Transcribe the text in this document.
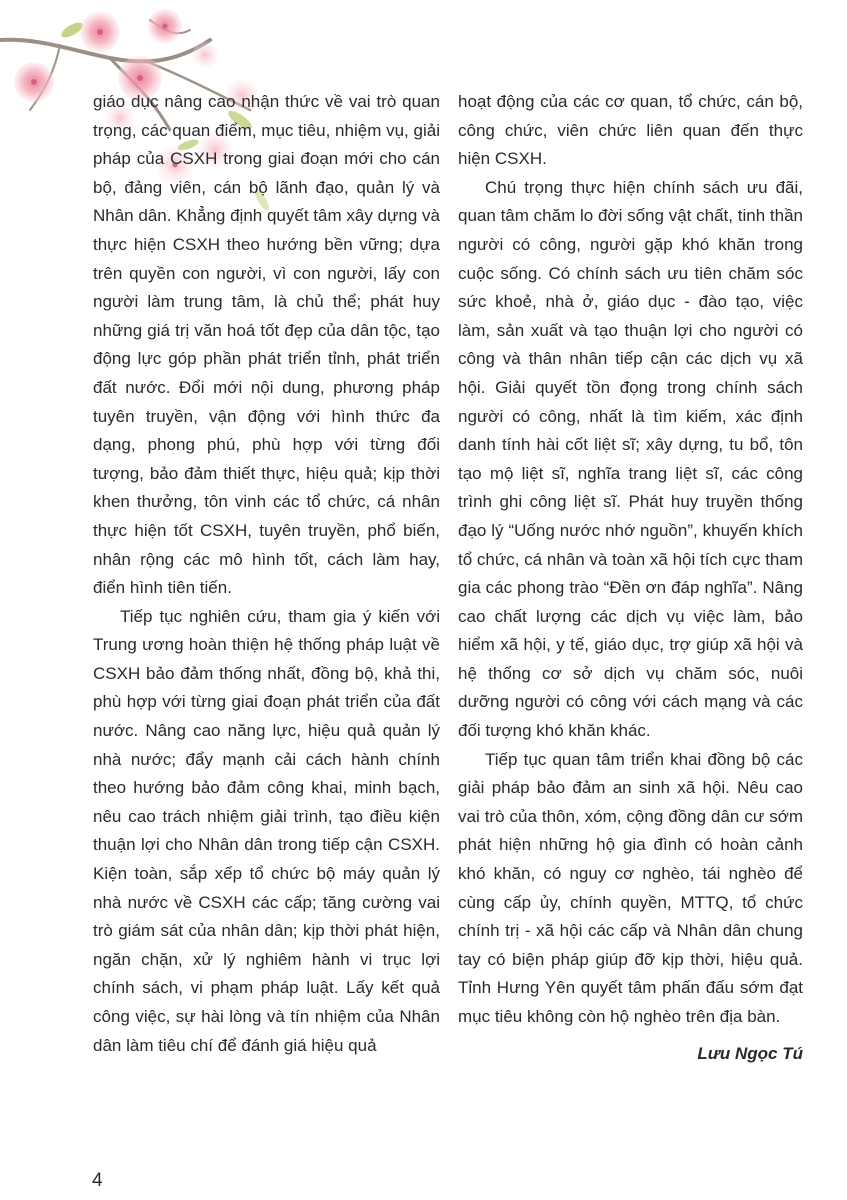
giáo dục nâng cao nhận thức về vai trò quan trọng, các quan điểm, mục tiêu, nhiệm vụ, giải pháp của CSXH trong giai đoạn mới cho cán bộ, đảng viên, cán bộ lãnh đạo, quản lý và Nhân dân. Khẳng định quyết tâm xây dựng và thực hiện CSXH theo hướng bền vững; dựa trên quyền con người, vì con người, lấy con người làm trung tâm, là chủ thể; phát huy những giá trị văn hoá tốt đẹp của dân tộc, tạo động lực góp phần phát triển tỉnh, phát triển đất nước. Đổi mới nội dung, phương pháp tuyên truyền, vận động với hình thức đa dạng, phong phú, phù hợp với từng đối tượng, bảo đảm thiết thực, hiệu quả; kịp thời khen thưởng, tôn vinh các tổ chức, cá nhân thực hiện tốt CSXH, tuyên truyền, phổ biến, nhân rộng các mô hình tốt, cách làm hay, điển hình tiên tiến.

Tiếp tục nghiên cứu, tham gia ý kiến với Trung ương hoàn thiện hệ thống pháp luật về CSXH bảo đảm thống nhất, đồng bộ, khả thi, phù hợp với từng giai đoạn phát triển của đất nước. Nâng cao năng lực, hiệu quả quản lý nhà nước; đẩy mạnh cải cách hành chính theo hướng bảo đảm công khai, minh bạch, nêu cao trách nhiệm giải trình, tạo điều kiện thuận lợi cho Nhân dân trong tiếp cận CSXH. Kiện toàn, sắp xếp tổ chức bộ máy quản lý nhà nước về CSXH các cấp; tăng cường vai trò giám sát của nhân dân; kịp thời phát hiện, ngăn chặn, xử lý nghiêm hành vi trục lợi chính sách, vi phạm pháp luật. Lấy kết quả công việc, sự hài lòng và tín nhiệm của Nhân dân làm tiêu chí để đánh giá hiệu quả

hoạt động của các cơ quan, tổ chức, cán bộ, công chức, viên chức liên quan đến thực hiện CSXH.

Chú trọng thực hiện chính sách ưu đãi, quan tâm chăm lo đời sống vật chất, tinh thần người có công, người gặp khó khăn trong cuộc sống. Có chính sách ưu tiên chăm sóc sức khoẻ, nhà ở, giáo dục - đào tạo, việc làm, sản xuất và tạo thuận lợi cho người có công và thân nhân tiếp cận các dịch vụ xã hội. Giải quyết tồn đọng trong chính sách người có công, nhất là tìm kiếm, xác định danh tính hài cốt liệt sĩ; xây dựng, tu bổ, tôn tạo mộ liệt sĩ, nghĩa trang liệt sĩ, các công trình ghi công liệt sĩ. Phát huy truyền thống đạo lý “Uống nước nhớ nguồn”, khuyến khích tổ chức, cá nhân và toàn xã hội tích cực tham gia các phong trào “Đền ơn đáp nghĩa”. Nâng cao chất lượng các dịch vụ việc làm, bảo hiểm xã hội, y tế, giáo dục, trợ giúp xã hội và hệ thống cơ sở dịch vụ chăm sóc, nuôi dưỡng người có công với cách mạng và các đối tượng khó khăn khác.

Tiếp tục quan tâm triển khai đồng bộ các giải pháp bảo đảm an sinh xã hội. Nêu cao vai trò của thôn, xóm, cộng đồng dân cư sớm phát hiện những hộ gia đình có hoàn cảnh khó khăn, có nguy cơ nghèo, tái nghèo để cùng cấp ủy, chính quyền, MTTQ, tổ chức chính trị - xã hội các cấp và Nhân dân chung tay có biện pháp giúp đỡ kịp thời, hiệu quả. Tỉnh Hưng Yên quyết tâm phấn đấu sớm đạt mục tiêu không còn hộ nghèo trên địa bàn.

Lưu Ngọc Tú

4
